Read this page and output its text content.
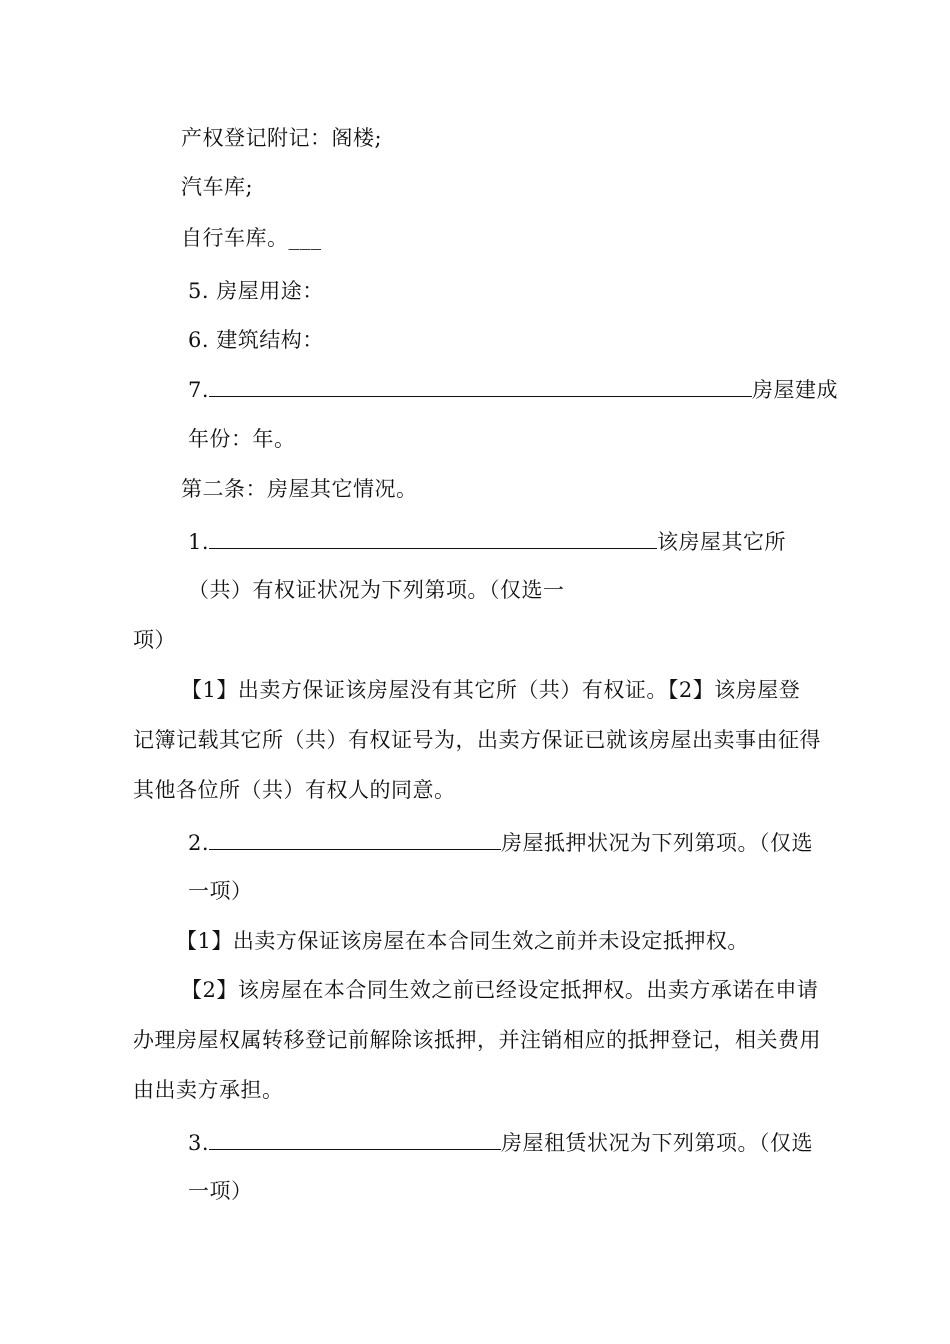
产权登记附记：阁楼;
汽车库;
自行车库。___
5. 房屋用途：
6. 建筑结构：
7.	房屋建成
年份：年。
第二条：房屋其它情况。
1.	该房屋其它所
（共）有权证状况为下列第项。（仅选一
项）
【1】出卖方保证该房屋没有其它所（共）有权证。【2】该房屋登
记簿记载其它所（共）有权证号为，出卖方保证已就该房屋出卖事由征得
其他各位所（共）有权人的同意。
2.	房屋抵押状况为下列第项。（仅选
一项）
【1】出卖方保证该房屋在本合同生效之前并未设定抵押权。
【2】该房屋在本合同生效之前已经设定抵押权。出卖方承诺在申请
办理房屋权属转移登记前解除该抵押，并注销相应的抵押登记，相关费用
由出卖方承担。
3.	房屋租赁状况为下列第项。（仅选
一项）
